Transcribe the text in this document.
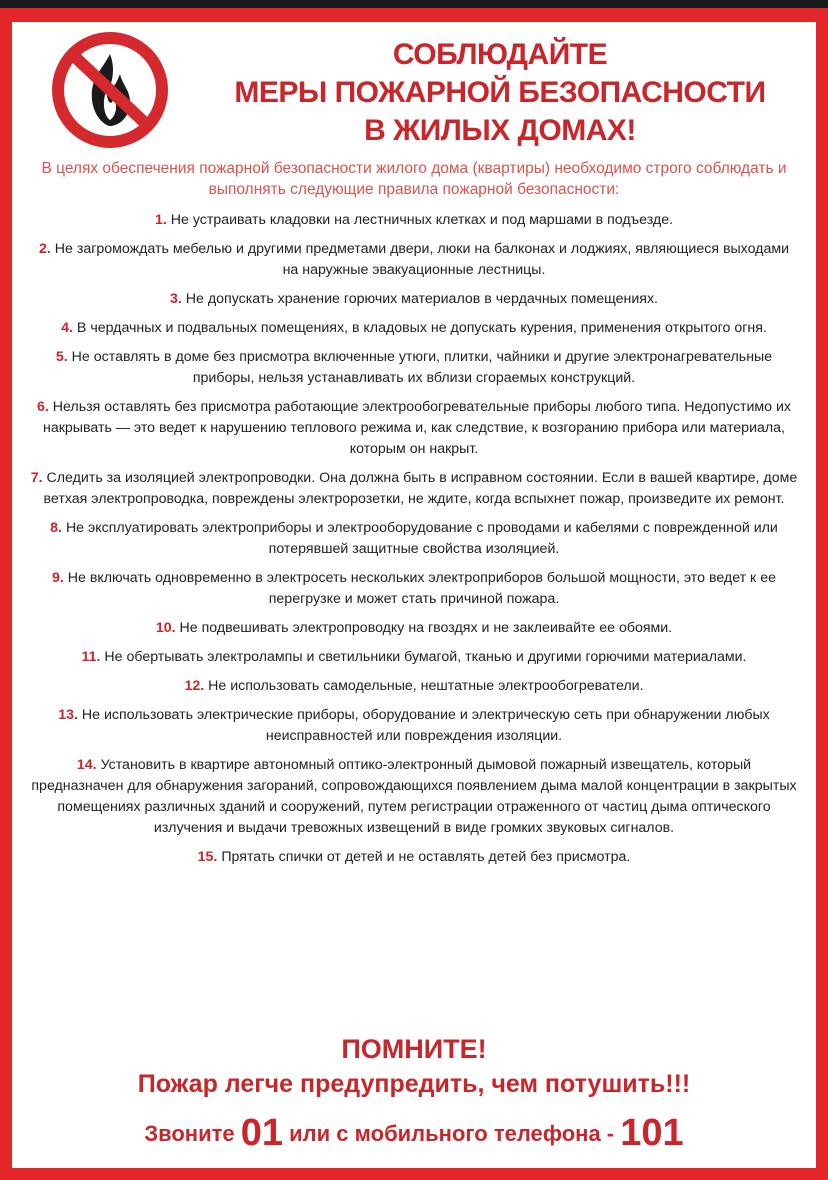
СОБЛЮДАЙТЕ
МЕРЫ ПОЖАРНОЙ БЕЗОПАСНОСТИ
В ЖИЛЫХ ДОМАХ!
В целях обеспечения пожарной безопасности жилого дома (квартиры) необходимо строго соблюдать и выполнять следующие правила пожарной безопасности:
1. Не устраивать кладовки на лестничных клетках и под маршами в подъезде.
2. Не загромождать мебелью и другими предметами двери, люки на балконах и лоджиях, являющиеся выходами на наружные эвакуационные лестницы.
3. Не допускать хранение горючих материалов в чердачных помещениях.
4. В чердачных и подвальных помещениях, в кладовых не допускать курения, применения открытого огня.
5. Не оставлять в доме без присмотра включенные утюги, плитки, чайники и другие электронагревательные приборы, нельзя устанавливать их вблизи сгораемых конструкций.
6. Нельзя оставлять без присмотра работающие электрообогревательные приборы любого типа. Недопустимо их накрывать — это ведет к нарушению теплового режима и, как следствие, к возгоранию прибора или материала, которым он накрыт.
7. Следить за изоляцией электропроводки. Она должна быть в исправном состоянии. Если в вашей квартире, доме ветхая электропроводка, повреждены электророзетки, не ждите, когда вспыхнет пожар, произведите их ремонт.
8. Не эксплуатировать электроприборы и электрооборудование с проводами и кабелями с поврежденной или потерявшей защитные свойства изоляцией.
9. Не включать одновременно в электросеть нескольких электроприборов большой мощности, это ведет к ее перегрузке и может стать причиной пожара.
10. Не подвешивать электропроводку на гвоздях и не заклеивайте ее обоями.
11. Не обертывать электролампы и светильники бумагой, тканью и другими горючими материалами.
12. Не использовать самодельные, нештатные электрообогреватели.
13. Не использовать электрические приборы, оборудование и электрическую сеть при обнаружении любых неисправностей или повреждения изоляции.
14. Установить в квартире автономный оптико-электронный дымовой пожарный извещатель, который предназначен для обнаружения загораний, сопровождающихся появлением дыма малой концентрации в закрытых помещениях различных зданий и сооружений, путем регистрации отраженного от частиц дыма оптического излучения и выдачи тревожных извещений в виде громких звуковых сигналов.
15. Прятать спички от детей и не оставлять детей без присмотра.
ПОМНИТЕ!
Пожар легче предупредить, чем потушить!!!
Звоните 01 или с мобильного телефона - 101
